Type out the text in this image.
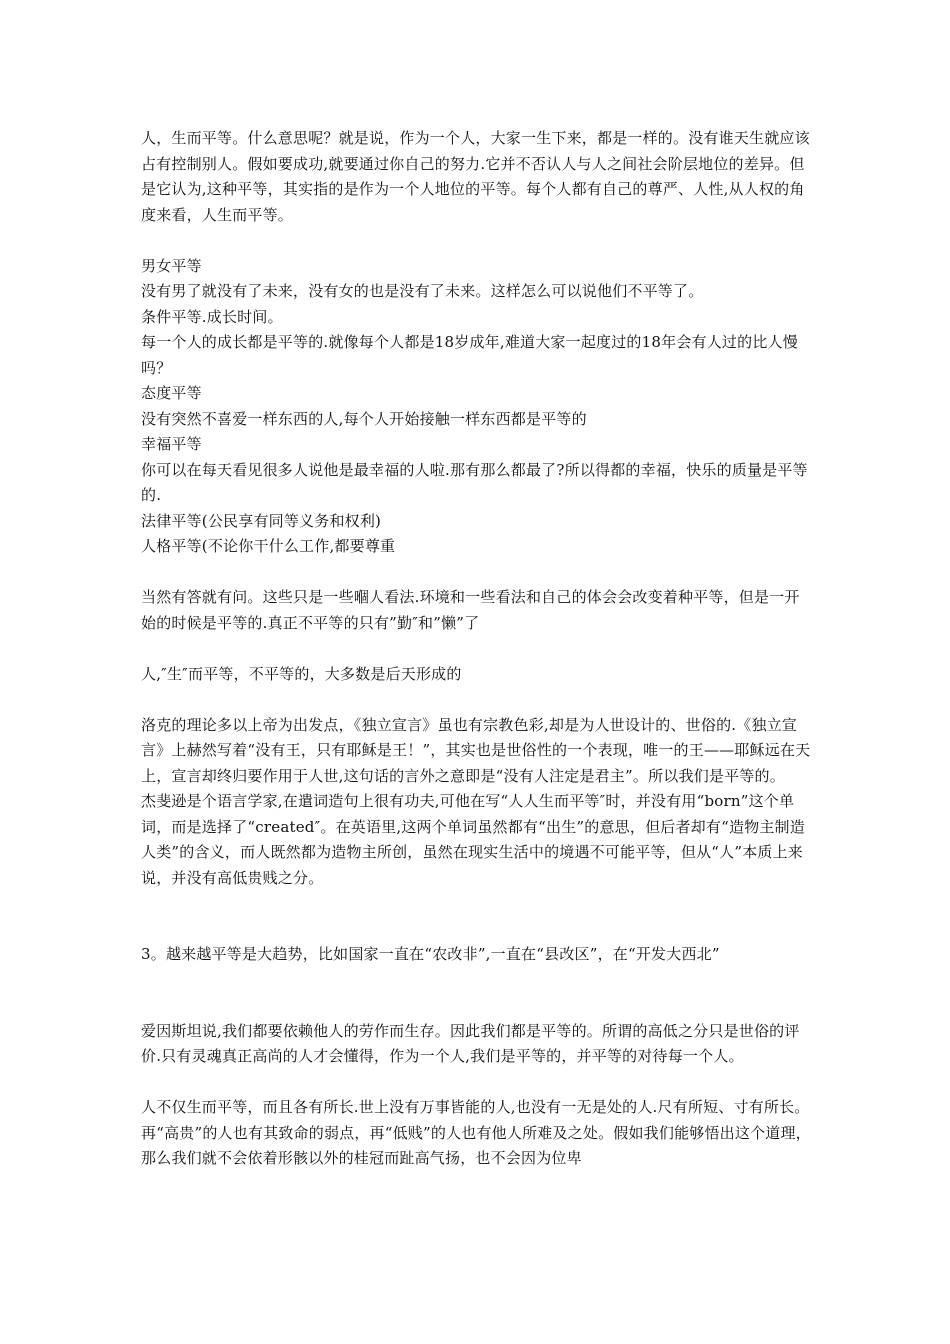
人，生而平等。什么意思呢？就是说，作为一个人，大家一生下来，都是一样的。没有谁天生就应该占有控制别人。假如要成功,就要通过你自己的努力.它并不否认人与人之间社会阶层地位的差异。但是它认为,这种平等，其实指的是作为一个人地位的平等。每个人都有自己的尊严、人性,从人权的角度来看，人生而平等。

男女平等

没有男了就没有了未来，没有女的也是没有了未来。这样怎么可以说他们不平等了。

条件平等.成长时间。

每一个人的成长都是平等的.就像每个人都是18岁成年,难道大家一起度过的18年会有人过的比人慢吗？

态度平等

没有突然不喜爱一样东西的人,每个人开始接触一样东西都是平等的

幸福平等

你可以在每天看见很多人说他是最幸福的人啦.那有那么都最了?所以得都的幸福，快乐的质量是平等的.

法律平等(公民享有同等义务和权利)

人格平等(不论你干什么工作,都要尊重

当然有答就有问。这些只是一些嗰人看法.环境和一些看法和自己的体会会改变着种平等，但是一开始的时候是平等的.真正不平等的只有”勤″和”懒”了

人,″生″而平等，不平等的，大多数是后天形成的

洛克的理论多以上帝为出发点，《独立宣言》虽也有宗教色彩,却是为人世设计的、世俗的.《独立宣言》上赫然写着“没有王，只有耶稣是王！”，其实也是世俗性的一个表现，唯一的王——耶稣远在天上，宣言却终归要作用于人世,这句话的言外之意即是“没有人注定是君主”。所以我们是平等的。

杰斐逊是个语言学家,在遣词造句上很有功夫,可他在写“人人生而平等″时，并没有用“born”这个单词，而是选择了“created″。在英语里,这两个单词虽然都有“出生”的意思，但后者却有“造物主制造人类”的含义，而人既然都为造物主所创，虽然在现实生活中的境遇不可能平等，但从“人”本质上来说，并没有高低贵贱之分。

3。越来越平等是大趋势，比如国家一直在“农改非”,一直在“县改区”，在“开发大西北”

爱因斯坦说,我们都要依赖他人的劳作而生存。因此我们都是平等的。所谓的高低之分只是世俗的评价.只有灵魂真正高尚的人才会懂得，作为一个人,我们是平等的，并平等的对待每一个人。

人不仅生而平等，而且各有所长.世上没有万事皆能的人,也没有一无是处的人.尺有所短、寸有所长。再“高贵”的人也有其致命的弱点，再“低贱”的人也有他人所难及之处。假如我们能够悟出这个道理，那么我们就不会依着形骸以外的桂冠而趾高气扬，也不会因为位卑
